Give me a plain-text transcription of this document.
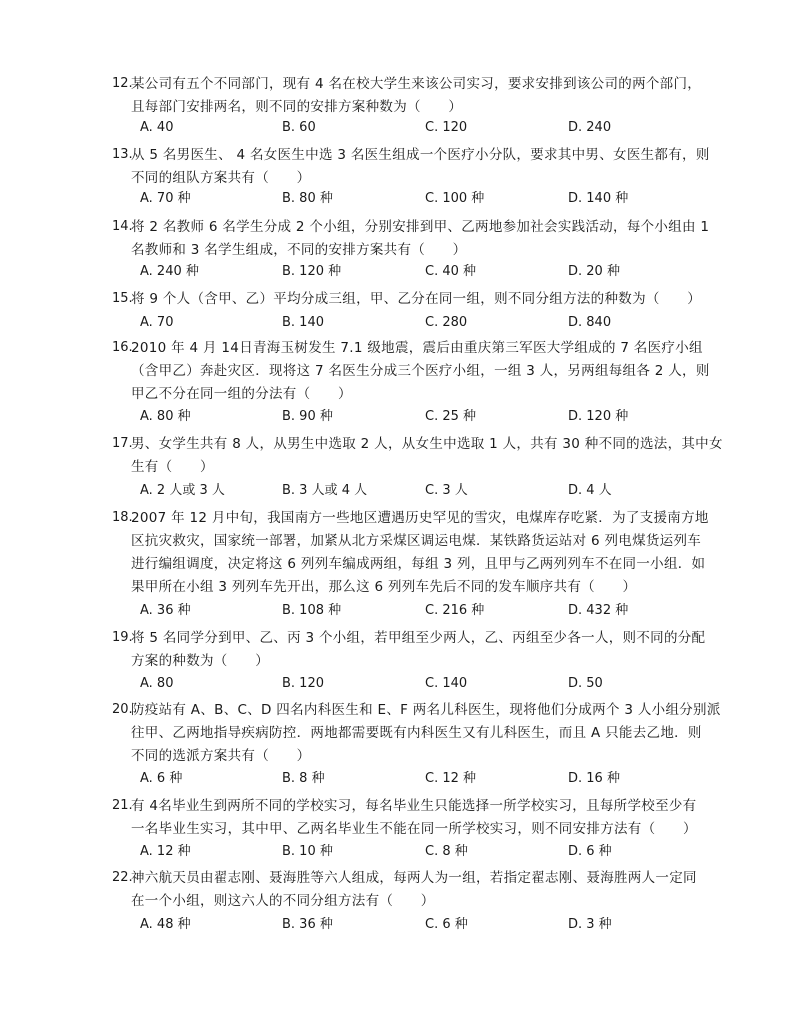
12.
某公司有五个不同部门，现有 4 名在校大学生来该公司实习，要求安排到该公司的两个部门，
且每部门安排两名，则不同的安排方案种数为（　　）
A. 40	B. 60	C. 120	D. 240
13.
从 5 名男医生、 4 名女医生中选 3 名医生组成一个医疗小分队，要求其中男、女医生都有，则
不同的组队方案共有（　　）
A. 70 种	B. 80 种	C. 100 种	D. 140 种
14.
将 2 名教师 6 名学生分成 2 个小组，分别安排到甲、乙两地参加社会实践活动，每个小组由 1
名教师和 3 名学生组成，不同的安排方案共有（　　）
A. 240 种	B. 120 种	C. 40 种	D. 20 种
15.
将 9 个人（含甲、乙）平均分成三组，甲、乙分在同一组，则不同分组方法的种数为（　　）
A. 70	B. 140	C. 280	D. 840
16.
2010 年 4 月 14日青海玉树发生 7.1 级地震，震后由重庆第三军医大学组成的 7 名医疗小组
（含甲乙）奔赴灾区．现将这 7 名医生分成三个医疗小组，一组 3 人，另两组每组各 2 人，则
甲乙不分在同一组的分法有（　　）
A. 80 种	B. 90 种	C. 25 种	D. 120 种
17.
男、女学生共有 8 人，从男生中选取 2 人，从女生中选取 1 人，共有 30 种不同的选法，其中女
生有（　　）
A. 2 人或 3 人	B. 3 人或 4 人	C. 3 人	D. 4 人
18.
2007 年 12 月中旬，我国南方一些地区遭遇历史罕见的雪灾，电煤库存吃紧．为了支援南方地
区抗灾救灾，国家统一部署，加紧从北方采煤区调运电煤．某铁路货运站对 6 列电煤货运列车
进行编组调度，决定将这 6 列列车编成两组，每组 3 列，且甲与乙两列列车不在同一小组．如
果甲所在小组 3 列列车先开出，那么这 6 列列车先后不同的发车顺序共有（　　）
A. 36 种	B. 108 种	C. 216 种	D. 432 种
19.
将 5 名同学分到甲、乙、丙 3 个小组，若甲组至少两人，乙、丙组至少各一人，则不同的分配
方案的种数为（　　）
A. 80	B. 120	C. 140	D. 50
20.
防疫站有 A、B、C、D 四名内科医生和 E、F 两名儿科医生，现将他们分成两个 3 人小组分别派
往甲、乙两地指导疾病防控．两地都需要既有内科医生又有儿科医生，而且 A 只能去乙地．则
不同的选派方案共有（　　）
A. 6 种	B. 8 种	C. 12 种	D. 16 种
21.
有 4名毕业生到两所不同的学校实习，每名毕业生只能选择一所学校实习，且每所学校至少有
一名毕业生实习，其中甲、乙两名毕业生不能在同一所学校实习，则不同安排方法有（　　）
A. 12 种	B. 10 种	C. 8 种	D. 6 种
22.
神六航天员由翟志刚、聂海胜等六人组成，每两人为一组，若指定翟志刚、聂海胜两人一定同
在一个小组，则这六人的不同分组方法有（　　）
A. 48 种	B. 36 种	C. 6 种	D. 3 种
